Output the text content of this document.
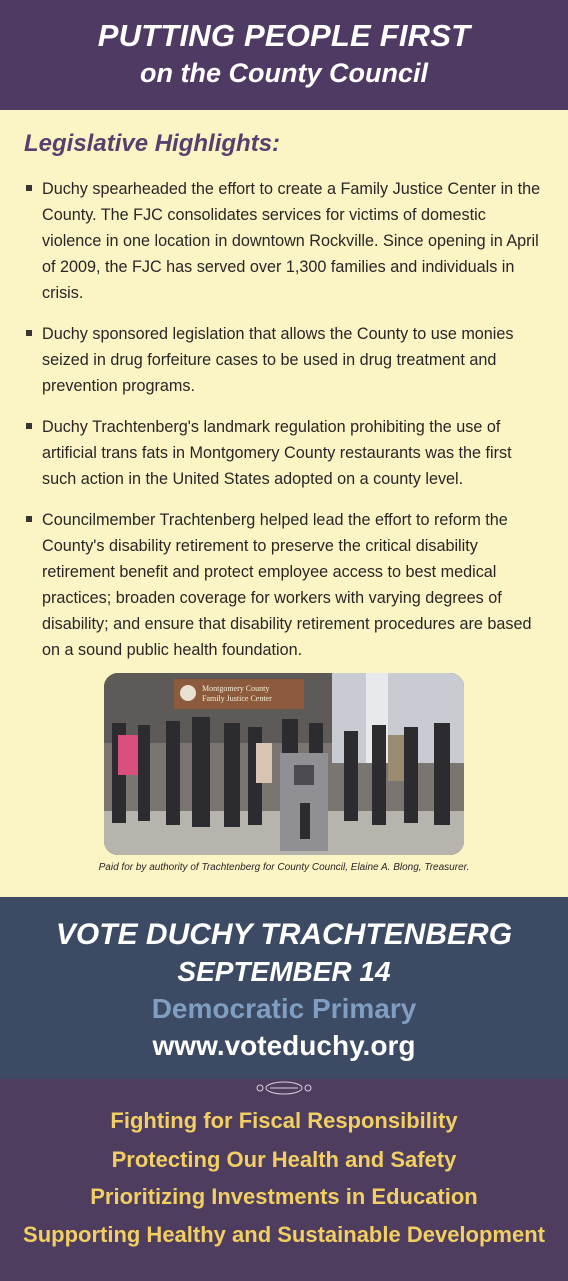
PUTTING PEOPLE FIRST
on the County Council
Legislative Highlights:
Duchy spearheaded the effort to create a Family Justice Center in the County. The FJC consolidates services for victims of domestic violence in one location in downtown Rockville. Since opening in April of 2009, the FJC has served over 1,300 families and individuals in crisis.
Duchy sponsored legislation that allows the County to use monies seized in drug forfeiture cases to be used in drug treatment and prevention programs.
Duchy Trachtenberg's landmark regulation prohibiting the use of artificial trans fats in Montgomery County restaurants was the first such action in the United States adopted on a county level.
Councilmember Trachtenberg helped lead the effort to reform the County's disability retirement to preserve the critical disability retirement benefit and protect employee access to best medical practices; broaden coverage for workers with varying degrees of disability; and ensure that disability retirement procedures are based on a sound public health foundation.
Montgomery County
Family Justice Center
Paid for by authority of Trachtenberg for County Council, Elaine A. Blong, Treasurer.
VOTE DUCHY TRACHTENBERG
SEPTEMBER 14
Democratic Primary
www.voteduchy.org
Fighting for Fiscal Responsibility
Protecting Our Health and Safety
Prioritizing Investments in Education
Supporting Healthy and Sustainable Development
